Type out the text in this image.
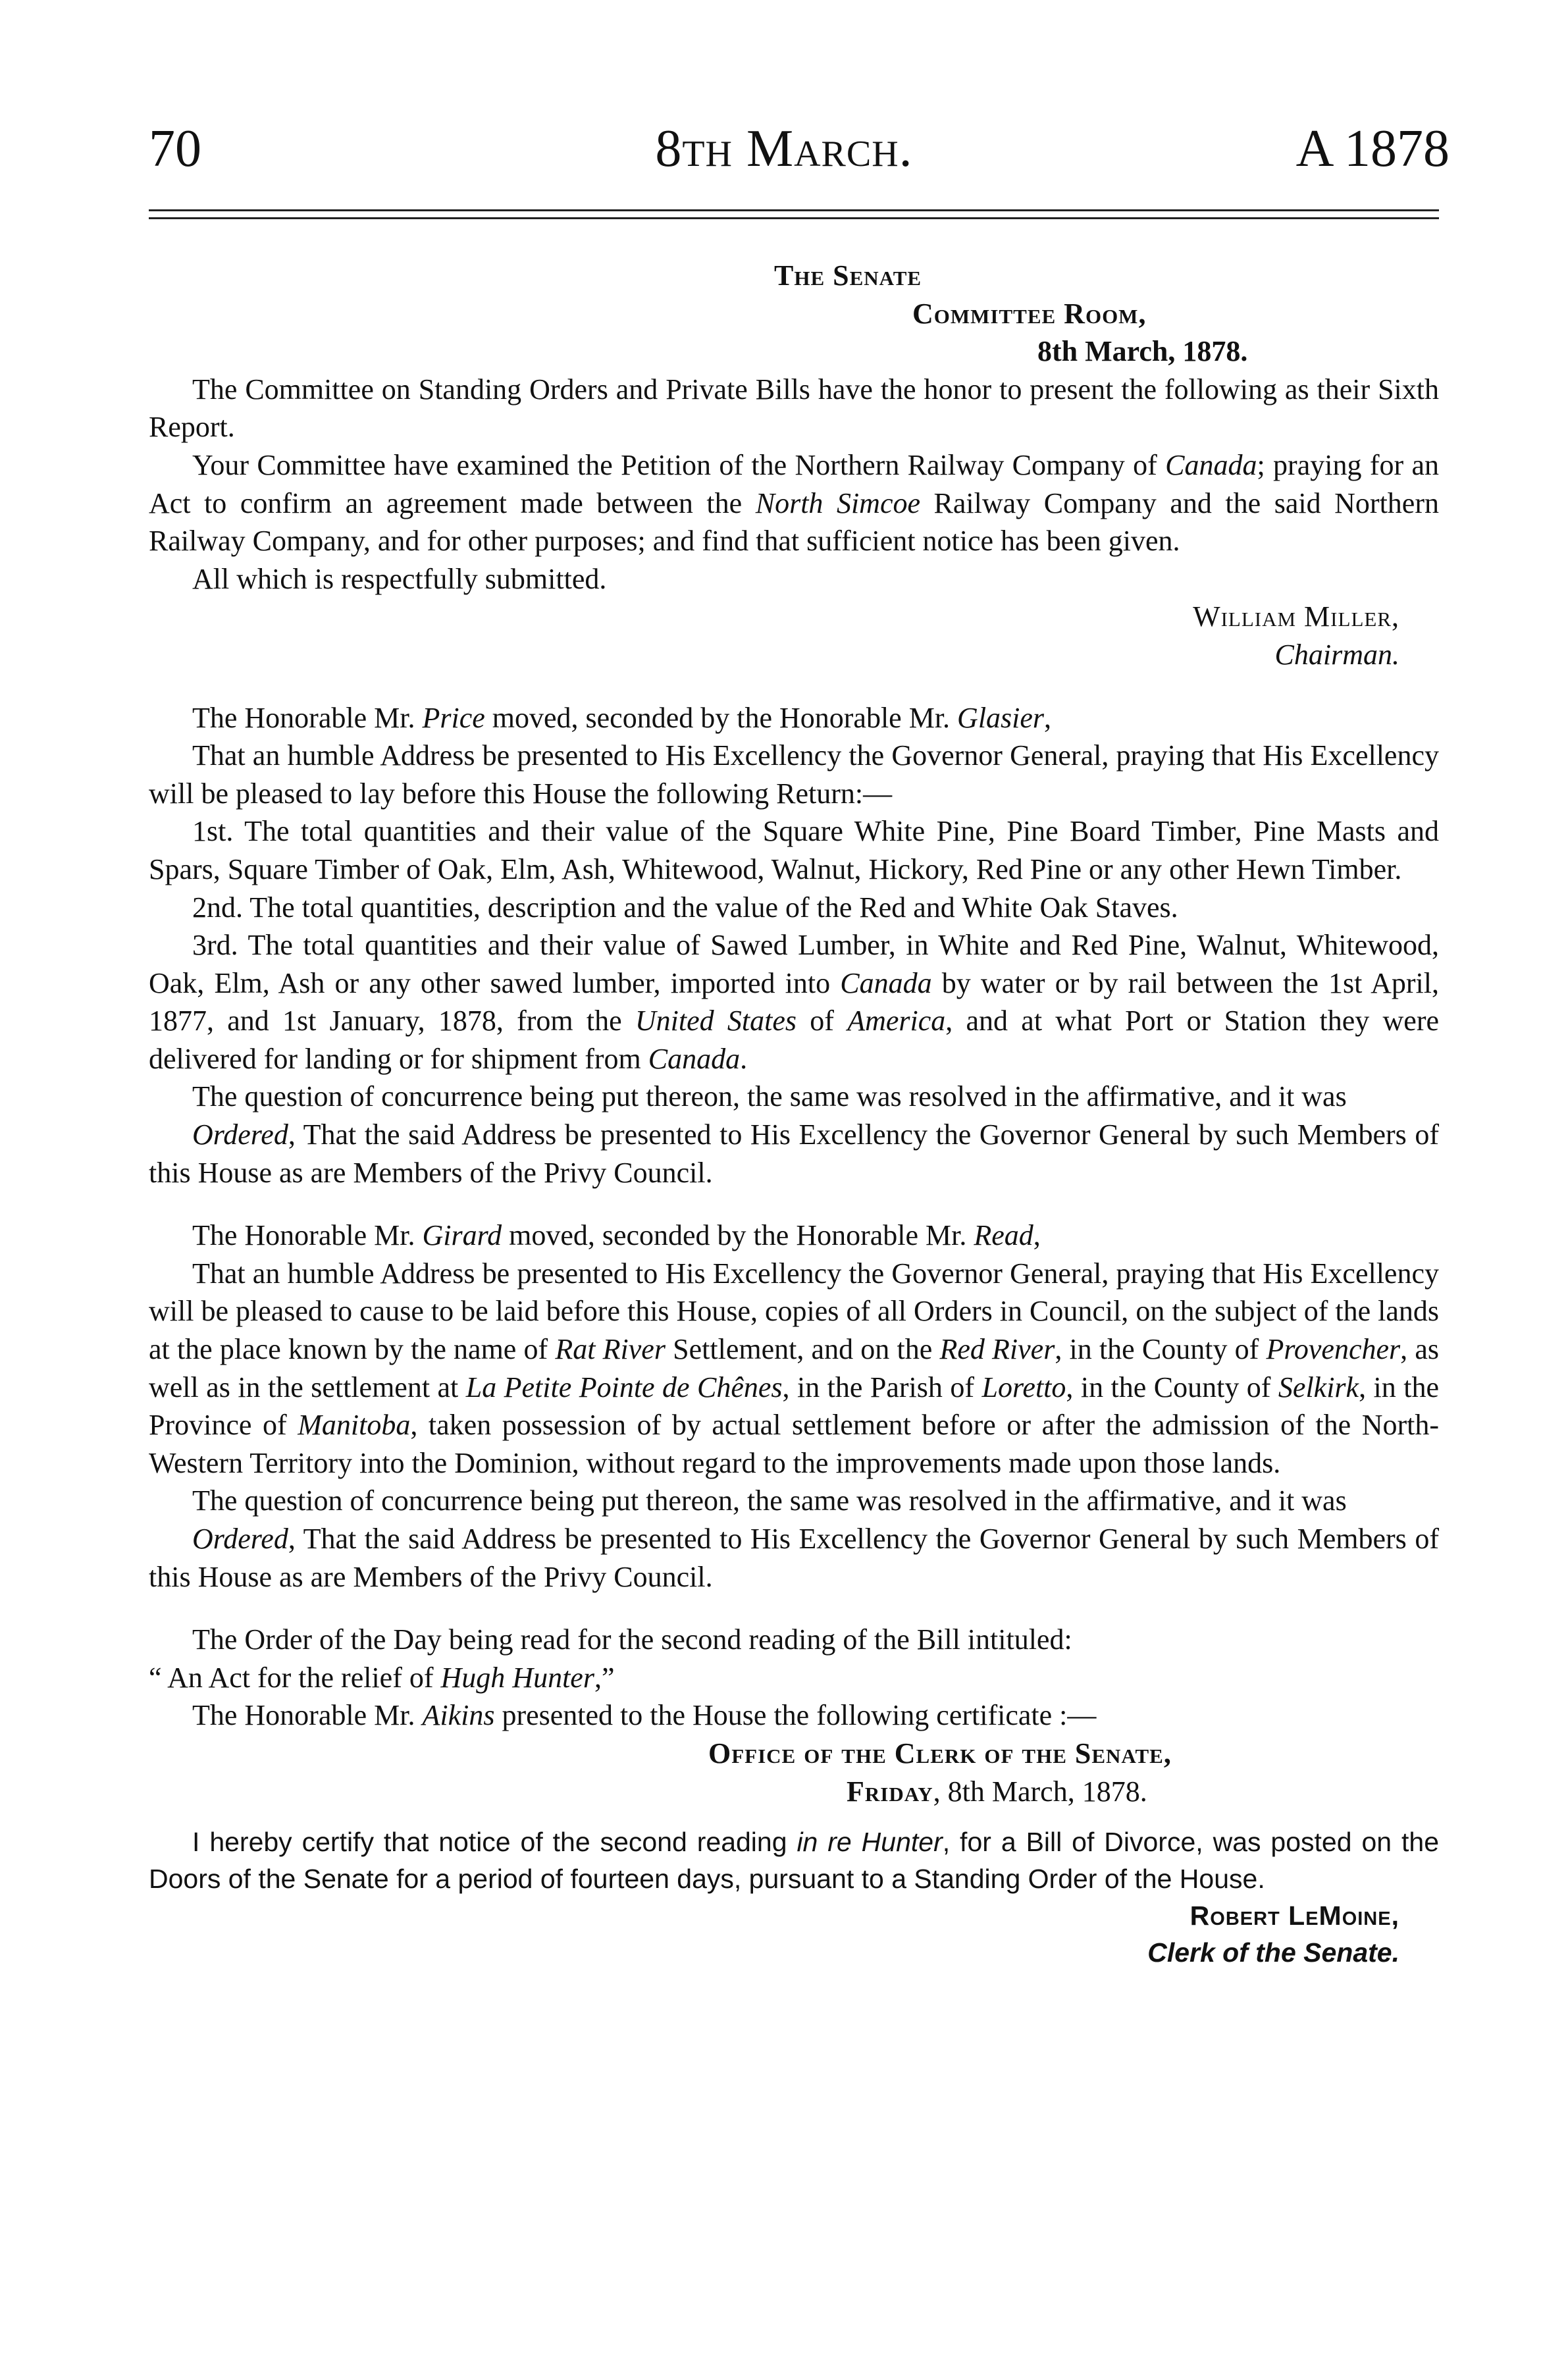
70	8th March.	A 1878
The Senate
Committee Room,
8th March, 1878.

The Committee on Standing Orders and Private Bills have the honor to present the following as their Sixth Report.

Your Committee have examined the Petition of the Northern Railway Company of Canada; praying for an Act to confirm an agreement made between the North Simcoe Railway Company and the said Northern Railway Company, and for other purposes; and find that sufficient notice has been given.

All which is respectfully submitted.

William Miller,
Chairman.

The Honorable Mr. Price moved, seconded by the Honorable Mr. Glasier,

That an humble Address be presented to His Excellency the Governor General, praying that His Excellency will be pleased to lay before this House the following Return:—

1st. The total quantities and their value of the Square White Pine, Pine Board Timber, Pine Masts and Spars, Square Timber of Oak, Elm, Ash, Whitewood, Walnut, Hickory, Red Pine or any other Hewn Timber.

2nd. The total quantities, description and the value of the Red and White Oak Staves.

3rd. The total quantities and their value of Sawed Lumber, in White and Red Pine, Walnut, Whitewood, Oak, Elm, Ash or any other sawed lumber, imported into Canada by water or by rail between the 1st April, 1877, and 1st January, 1878, from the United States of America, and at what Port or Station they were delivered for landing or for shipment from Canada.

The question of concurrence being put thereon, the same was resolved in the affirmative, and it was

Ordered, That the said Address be presented to His Excellency the Governor General by such Members of this House as are Members of the Privy Council.

The Honorable Mr. Girard moved, seconded by the Honorable Mr. Read,

That an humble Address be presented to His Excellency the Governor General, praying that His Excellency will be pleased to cause to be laid before this House, copies of all Orders in Council, on the subject of the lands at the place known by the name of Rat River Settlement, and on the Red River, in the County of Provencher, as well as in the settlement at La Petite Pointe de Chênes, in the Parish of Loretto, in the County of Selkirk, in the Province of Manitoba, taken possession of by actual settlement before or after the admission of the North-Western Territory into the Dominion, without regard to the improvements made upon those lands.

The question of concurrence being put thereon, the same was resolved in the affirmative, and it was

Ordered, That the said Address be presented to His Excellency the Governor General by such Members of this House as are Members of the Privy Council.

The Order of the Day being read for the second reading of the Bill intituled:

“ An Act for the relief of Hugh Hunter,”

The Honorable Mr. Aikins presented to the House the following certificate :—

Office of the Clerk of the Senate,
Friday, 8th March, 1878.

I hereby certify that notice of the second reading in re Hunter, for a Bill of Divorce, was posted on the Doors of the Senate for a period of fourteen days, pursuant to a Standing Order of the House.

Robert LeMoine,
Clerk of the Senate.
